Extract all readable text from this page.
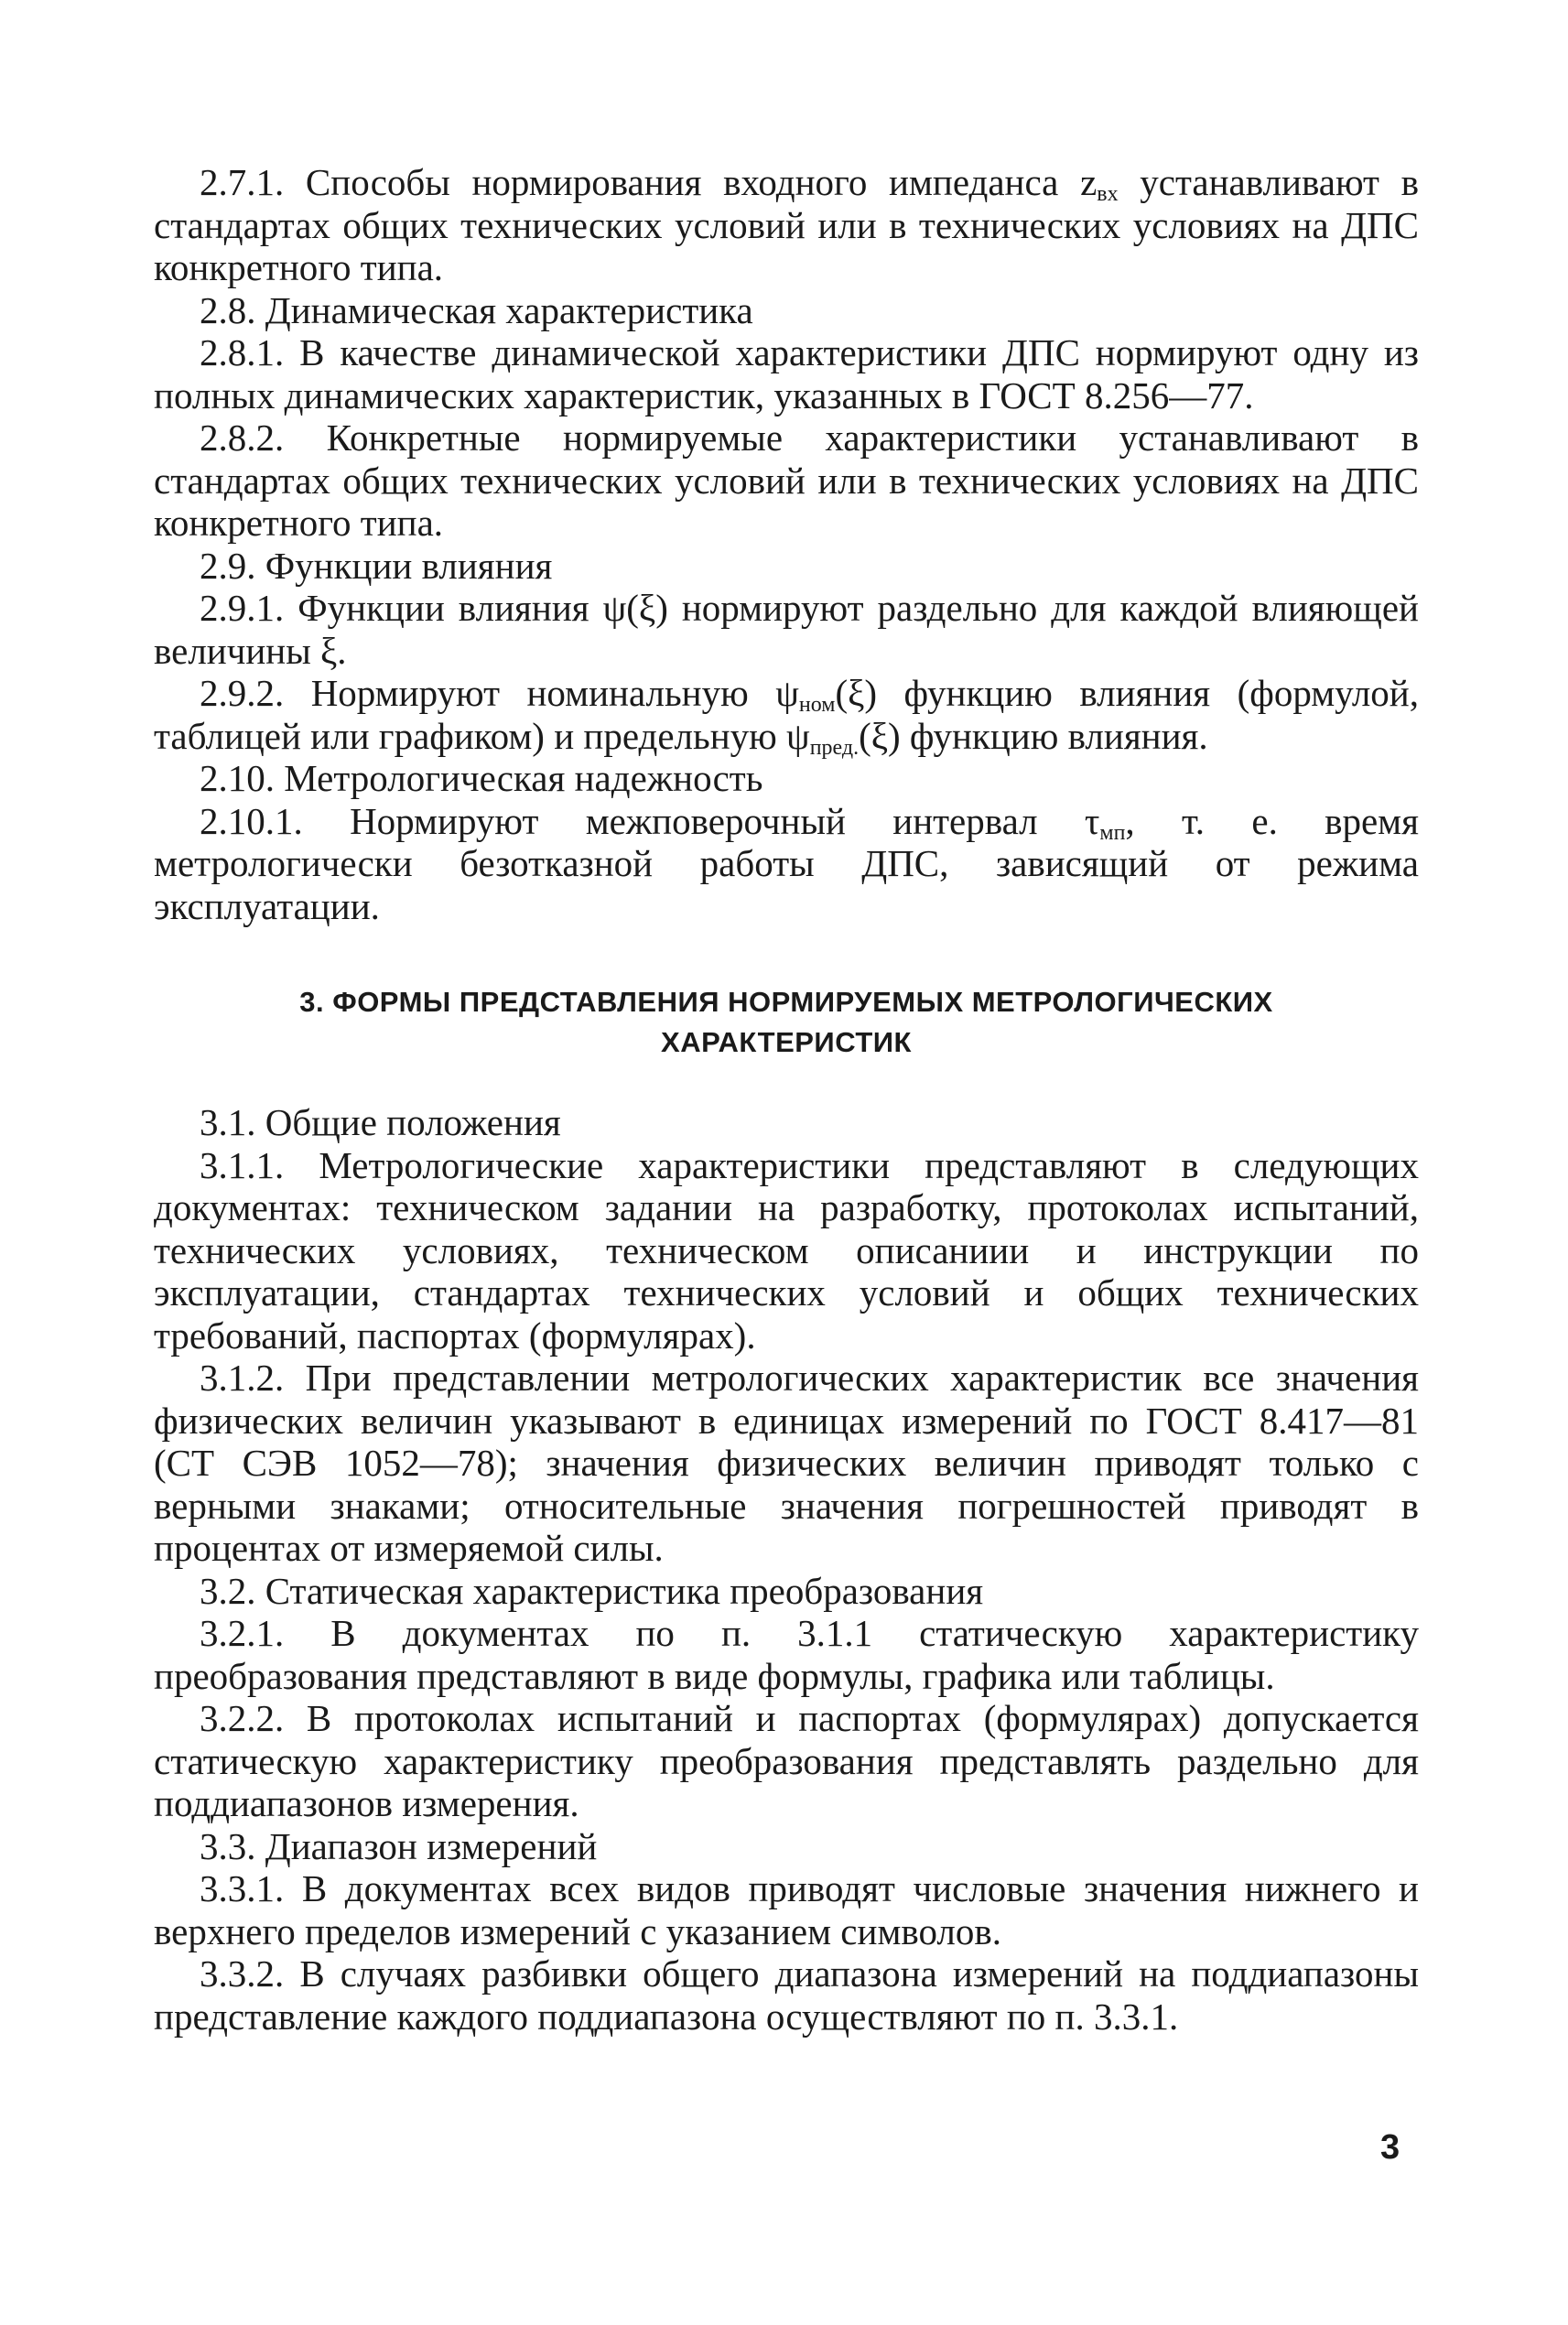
2.7.1. Способы нормирования входного импеданса $z_{вх}$ устанавливают в стандартах общих технических условий или в технических условиях на ДПС конкретного типа.

2.8. Динамическая характеристика

2.8.1. В качестве динамической характеристики ДПС нормируют одну из полных динамических характеристик, указанных в ГОСТ 8.256—77.

2.8.2. Конкретные нормируемые характеристики устанавливают в стандартах общих технических условий или в технических условиях на ДПС конкретного типа.

2.9. Функции влияния

2.9.1. Функции влияния ψ(ξ) нормируют раздельно для каждой влияющей величины ξ.

2.9.2. Нормируют номинальную $\psi_{ном}(\xi)$ функцию влияния (формулой, таблицей или графиком) и предельную $\psi_{пред.}(\xi)$ функцию влияния.

2.10. Метрологическая надежность

2.10.1. Нормируют межповерочный интервал $\tau_{мп}$, т. е. время метрологически безотказной работы ДПС, зависящий от режима эксплуатации.

3. ФОРМЫ ПРЕДСТАВЛЕНИЯ НОРМИРУЕМЫХ МЕТРОЛОГИЧЕСКИХ ХАРАКТЕРИСТИК

3.1. Общие положения

3.1.1. Метрологические характеристики представляют в следующих документах: техническом задании на разработку, протоколах испытаний, технических условиях, техническом описаниии и инструкции по эксплуатации, стандартах технических условий и общих технических требований, паспортах (формулярах).

3.1.2. При представлении метрологических характеристик все значения физических величин указывают в единицах измерений по ГОСТ 8.417—81 (СТ СЭВ 1052—78); значения физических величин приводят только с верными знаками; относительные значения погрешностей приводят в процентах от измеряемой силы.

3.2. Статическая характеристика преобразования

3.2.1. В документах по п. 3.1.1 статическую характеристику преобразования представляют в виде формулы, графика или таблицы.

3.2.2. В протоколах испытаний и паспортах (формулярах) допускается статическую характеристику преобразования представлять раздельно для поддиапазонов измерения.

3.3. Диапазон измерений

3.3.1. В документах всех видов приводят числовые значения нижнего и верхнего пределов измерений с указанием символов.

3.3.2. В случаях разбивки общего диапазона измерений на поддиапазоны представление каждого поддиапазона осуществляют по п. 3.3.1.

3
